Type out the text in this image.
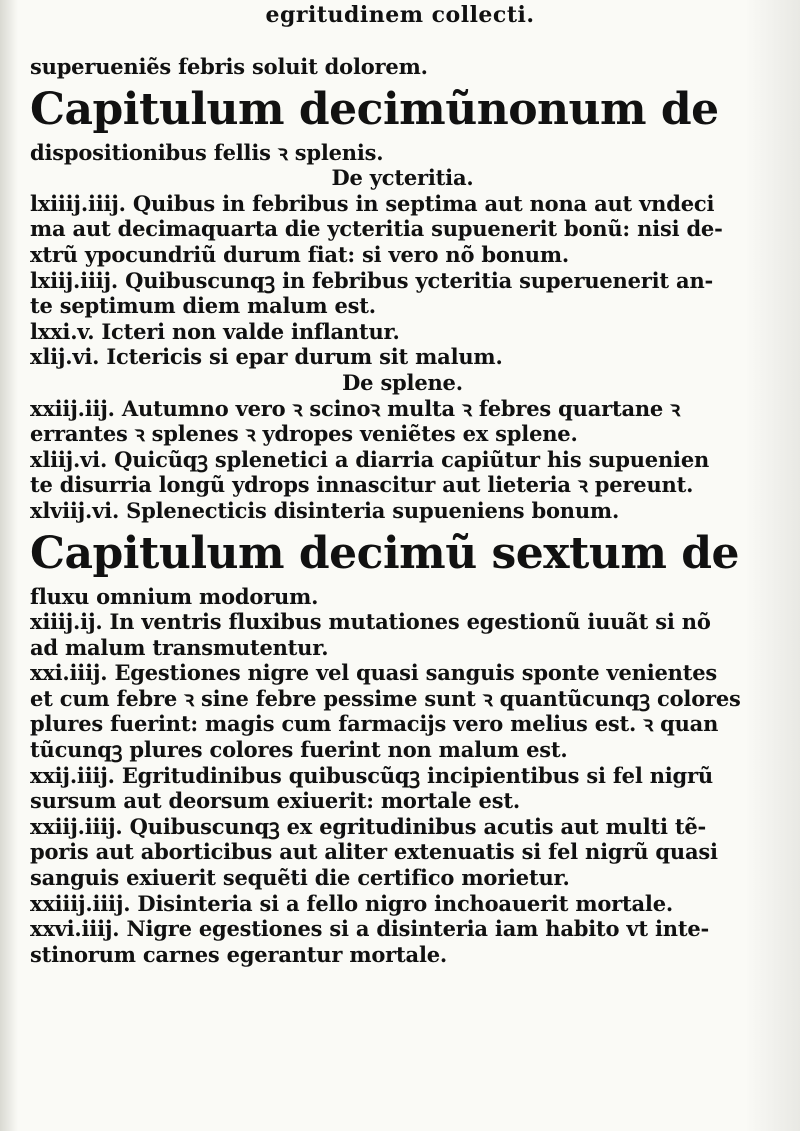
egritudinem collecti.
superueniẽs febris soluit dolorem.
Capitulum decimũnonum de
dispositionibus fellis ꝛ splenis.
De ycteritia.
lxiiij.iiij. Quibus in febribus in septima aut nona aut vndeci
ma aut decimaquarta die ycteritia supuenerit bonũ: nisi de-
xtrũ ypocundriũ durum fiat: si vero nõ bonum.
lxiij.iiij. Quibuscunqꝫ in febribus ycteritia superuenerit an-
te septimum diem malum est.
lxxi.v. Icteri non valde inflantur.
xlij.vi. Ictericis si epar durum sit malum.
De splene.
xxiij.iij. Autumno vero ꝛ scinoꝛ multa ꝛ febres quartane ꝛ
errantes ꝛ splenes ꝛ ydropes veniẽtes ex splene.
xliij.vi. Quicũqꝫ splenetici a diarria capiũtur his supuenien
te disurria longũ ydrops innascitur aut lieteria ꝛ pereunt.
xlviij.vi. Splenecticis disinteria supueniens bonum.
Capitulum decimũ sextum de
fluxu omnium modorum.
xiiij.ij. In ventris fluxibus mutationes egestionũ iuuãt si nõ
ad malum transmutentur.
xxi.iiij. Egestiones nigre vel quasi sanguis sponte venientes
et cum febre ꝛ sine febre pessime sunt ꝛ quantũcunqꝫ colores
plures fuerint: magis cum farmacijs vero melius est. ꝛ quan
tũcunqꝫ plures colores fuerint non malum est.
xxij.iiij. Egritudinibus quibuscũqꝫ incipientibus si fel nigrũ
sursum aut deorsum exiuerit: mortale est.
xxiij.iiij. Quibuscunqꝫ ex egritudinibus acutis aut multi tẽ-
poris aut aborticibus aut aliter extenuatis si fel nigrũ quasi
sanguis exiuerit sequẽti die certifico morietur.
xxiiij.iiij. Disinteria si a fello nigro inchoauerit mortale.
xxvi.iiij. Nigre egestiones si a disinteria iam habito vt inte-
stinorum carnes egerantur mortale.
